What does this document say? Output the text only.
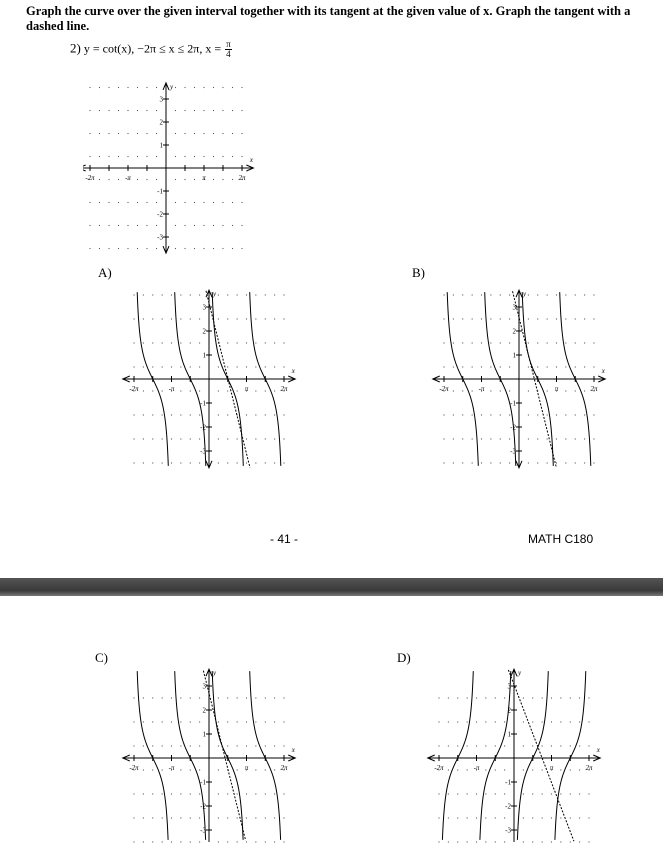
Graph the curve over the given interval together with its tangent at the given value of x. Graph the tangent with a dashed line.
2) y = cot(x), −2π ≤ x ≤ 2π, $x = \frac{\pi}{4}$
3
2
1
-1
-2
-3
-2π	-π	π	2π
x
y
3
2
1
-1
-2
-3
-2π	-π	π	2π
x
y
3
2
1
-1
-2
-3
-2π	-π	π	2π
x
y
3
2
1
-1
-2
-3
-2π	-π	π	2π
x
y
3
2
1
-1
-2
-3
-2π	-π	π	2π
x
y
A)	B)
C)	D)
- 41 -	MATH C180
